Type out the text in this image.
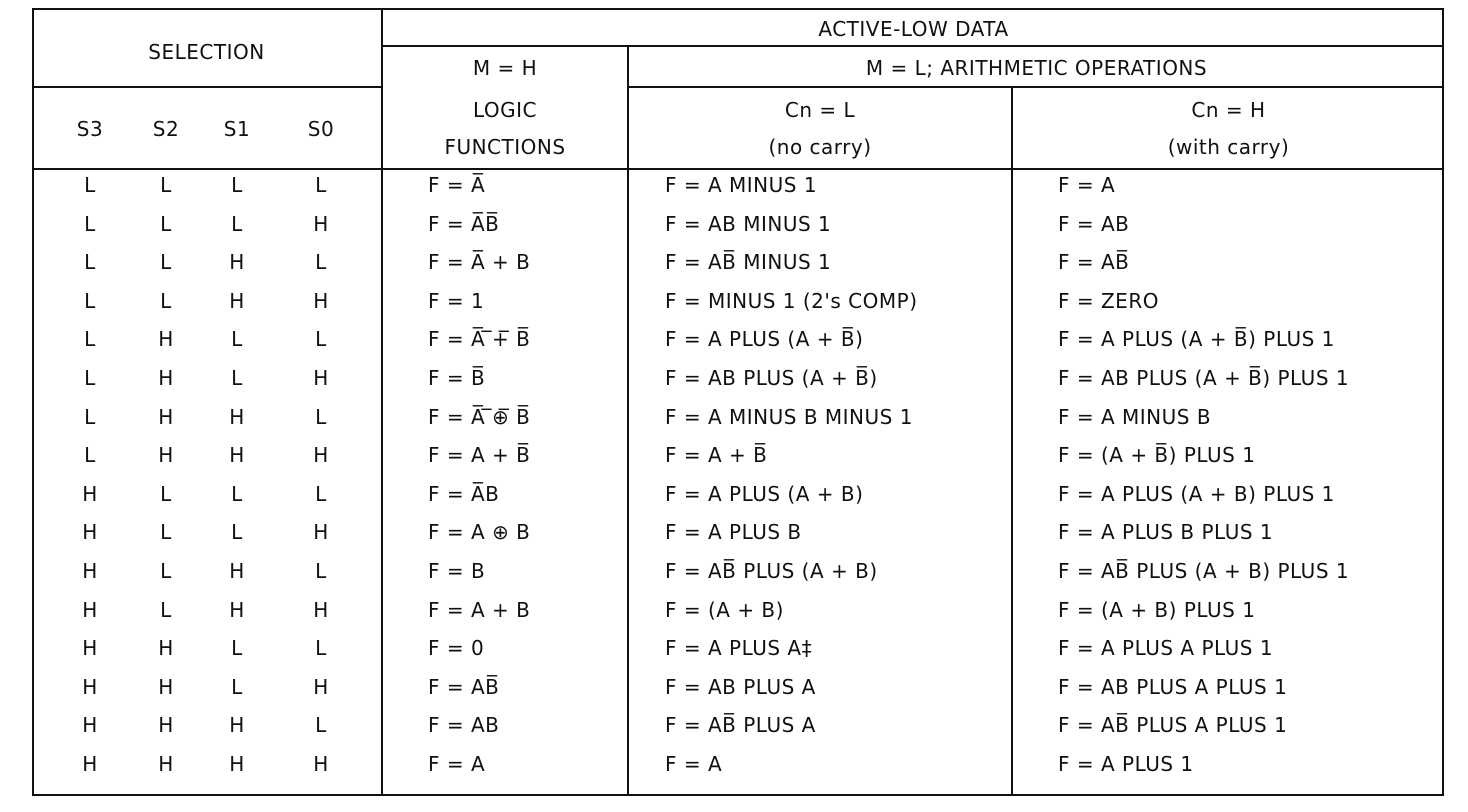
SELECTION
ACTIVE-LOW DATA
M = H	M = L; ARITHMETIC OPERATIONS
S3	S2	S1	S0
LOGIC
FUNCTIONS
Cn = L
(no carry)
Cn = H
(with carry)
L	L	L	L	F = A̅	F = A MINUS 1	F = A
L	L	L	H	F = A̅B̅	F = AB MINUS 1	F = AB
L	L	H	L	F = A̅ + B	F = AB̅ MINUS 1	F = AB̅
L	L	H	H	F = 1	F = MINUS 1 (2's COMP)	F = ZERO
L	H	L	L	F = A̅ ̅+̅ B̅	F = A PLUS (A + B̅)	F = A PLUS (A + B̅) PLUS 1
L	H	L	H	F = B̅	F = AB PLUS (A + B̅)	F = AB PLUS (A + B̅) PLUS 1
L	H	H	L	F = A̅ ̅⊕̅ B̅	F = A MINUS B MINUS 1	F = A MINUS B
L	H	H	H	F = A + B̅	F = A + B̅	F = (A + B̅) PLUS 1
H	L	L	L	F = A̅B	F = A PLUS (A + B)	F = A PLUS (A + B) PLUS 1
H	L	L	H	F = A ⊕ B	F = A PLUS B	F = A PLUS B PLUS 1
H	L	H	L	F = B	F = AB̅ PLUS (A + B)	F = AB̅ PLUS (A + B) PLUS 1
H	L	H	H	F = A + B	F = (A + B)	F = (A + B) PLUS 1
H	H	L	L	F = 0	F = A PLUS A‡	F = A PLUS A PLUS 1
H	H	L	H	F = AB̅	F = AB PLUS A	F = AB PLUS A PLUS 1
H	H	H	L	F = AB	F = AB̅ PLUS A	F = AB̅ PLUS A PLUS 1
H	H	H	H	F = A	F = A	F = A PLUS 1
